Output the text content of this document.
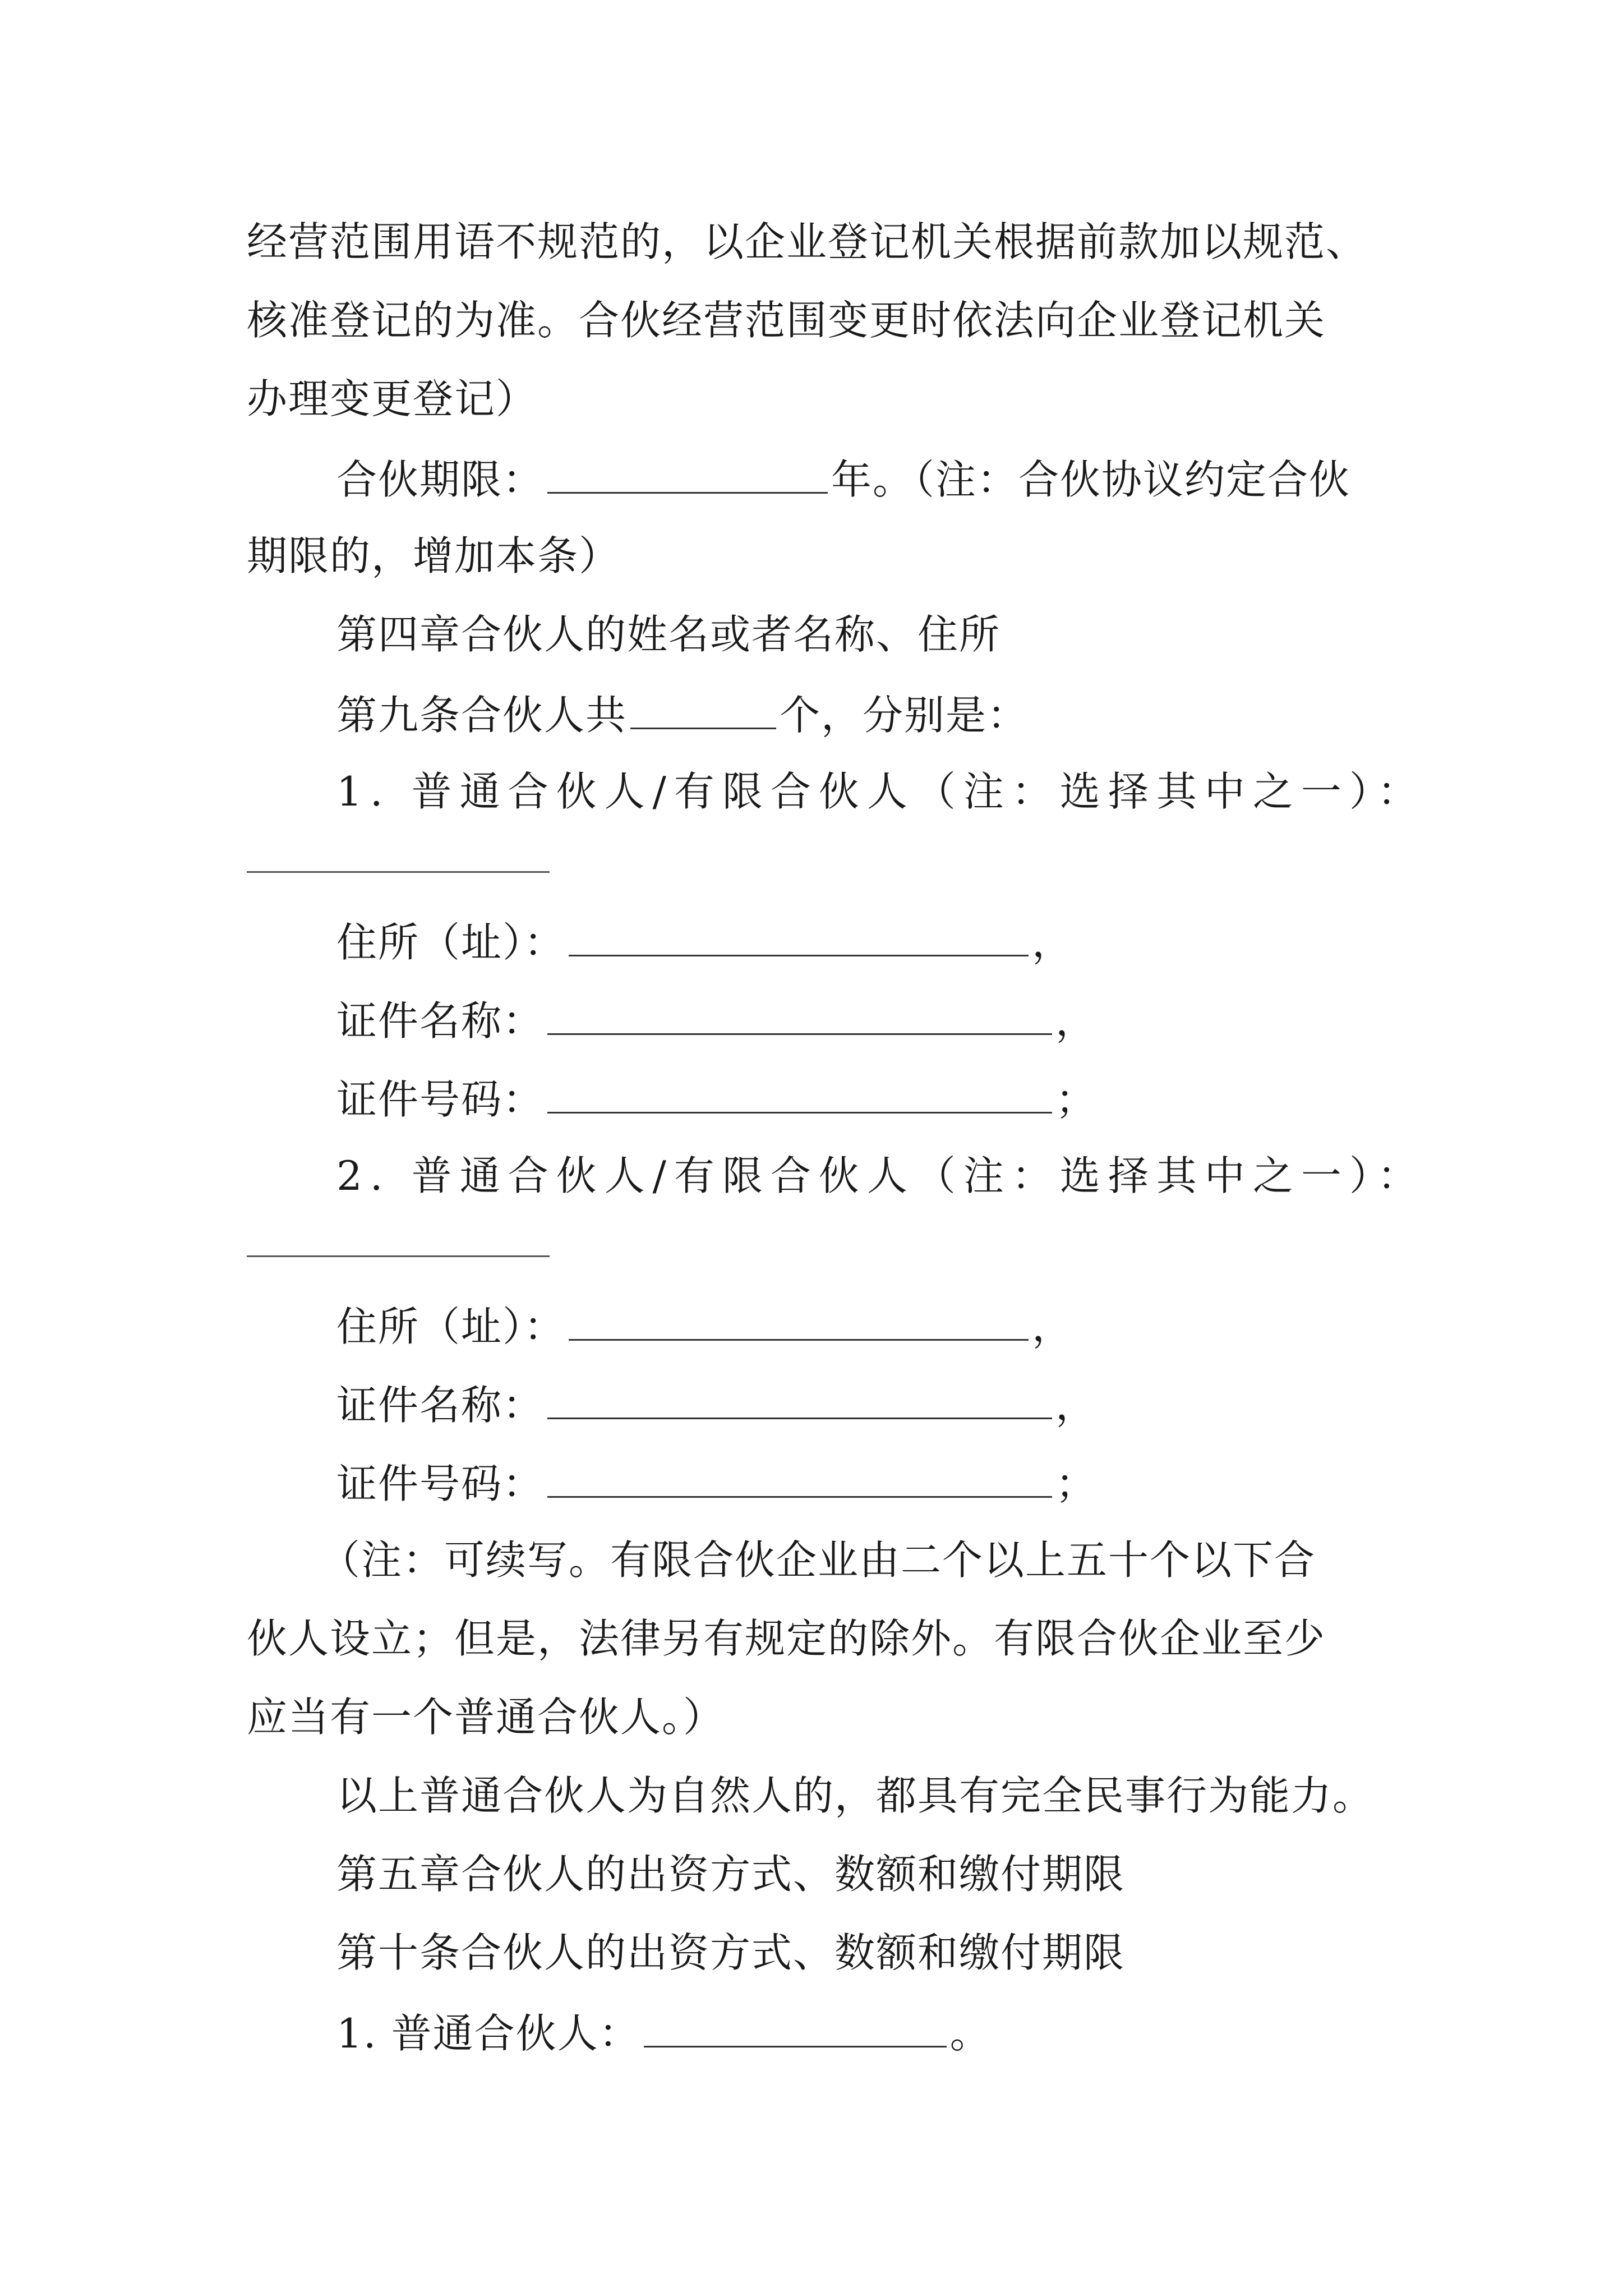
经营范围用语不规范的，以企业登记机关根据前款加以规范、
核准登记的为准。合伙经营范围变更时依法向企业登记机关
办理变更登记）
合伙期限：	年。（注：合伙协议约定合伙
期限的，增加本条）
第四章合伙人的姓名或者名称、住所
第九条合伙人共	个，分别是：
1. 普通合伙人/有限合伙人（注：选择其中之一）：
住所（址）：	，
证件名称：	，
证件号码：	；
2. 普通合伙人/有限合伙人（注：选择其中之一）：
住所（址）：	，
证件名称：	，
证件号码：	；
（注：可续写。有限合伙企业由二个以上五十个以下合
伙人设立；但是，法律另有规定的除外。有限合伙企业至少
应当有一个普通合伙人。）
以上普通合伙人为自然人的，都具有完全民事行为能力。
第五章合伙人的出资方式、数额和缴付期限
第十条合伙人的出资方式、数额和缴付期限
1. 普通合伙人：	。
